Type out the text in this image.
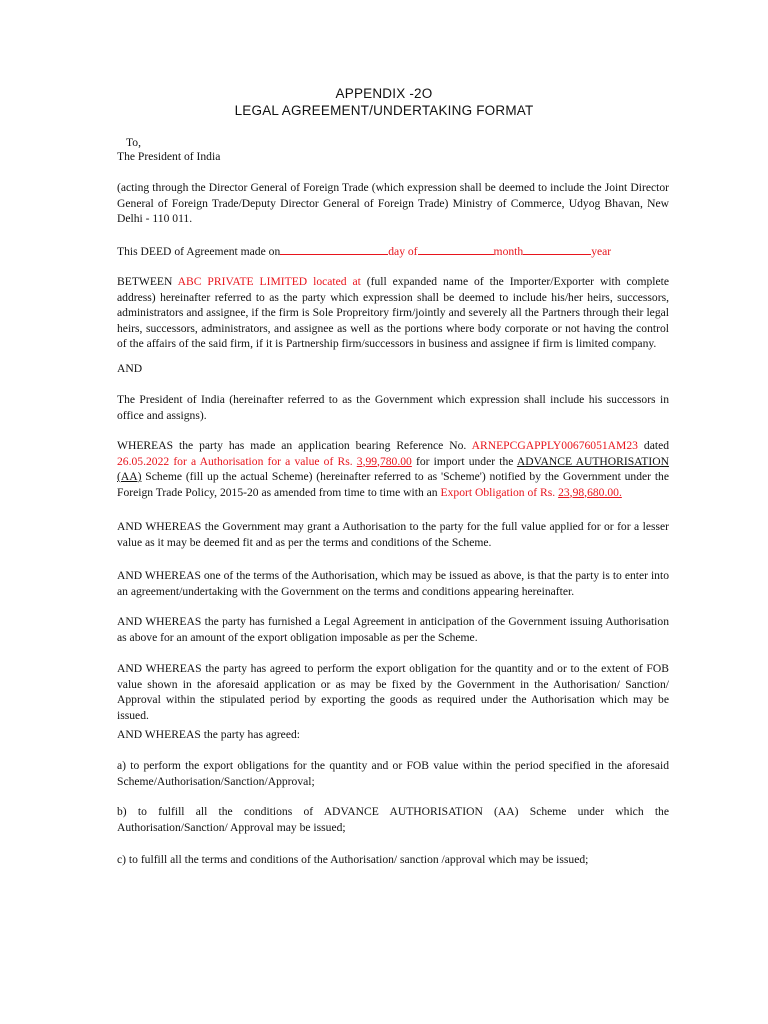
APPENDIX -2O
LEGAL AGREEMENT/UNDERTAKING FORMAT
To,
The President of India
(acting through the Director General of Foreign Trade (which expression shall be deemed to include the Joint Director General of Foreign Trade/Deputy Director General of Foreign Trade) Ministry of Commerce, Udyog Bhavan, New Delhi - 110 011.
This DEED of Agreement made on	day of	month	year
BETWEEN ABC PRIVATE LIMITED located at (full expanded name of the Importer/Exporter with complete address) hereinafter referred to as the party which expression shall be deemed to include his/her heirs, successors, administrators and assignee, if the firm is Sole Propreitory firm/jointly and severely all the Partners through their legal heirs, successors, administrators, and assignee as well as the portions where body corporate or not having the control of the affairs of the said firm, if it is Partnership firm/successors in business and assignee if firm is limited company.
AND
The President of India (hereinafter referred to as the Government which expression shall include his successors in office and assigns).
WHEREAS the party has made an application bearing Reference No. ARNEPCGAPPLY00676051AM23 dated 26.05.2022 for a Authorisation for a value of Rs. 3,99,780.00 for import under the ADVANCE AUTHORISATION (AA) Scheme (fill up the actual Scheme) (hereinafter referred to as 'Scheme') notified by the Government under the Foreign Trade Policy, 2015-20 as amended from time to time with an Export Obligation of Rs. 23,98,680.00.
AND WHEREAS the Government may grant a Authorisation to the party for the full value applied for or for a lesser value as it may be deemed fit and as per the terms and conditions of the Scheme.
AND WHEREAS one of the terms of the Authorisation, which may be issued as above, is that the party is to enter into an agreement/undertaking with the Government on the terms and conditions appearing hereinafter.
AND WHEREAS the party has furnished a Legal Agreement in anticipation of the Government issuing Authorisation as above for an amount of the export obligation imposable as per the Scheme.
AND WHEREAS the party has agreed to perform the export obligation for the quantity and or to the extent of FOB value shown in the aforesaid application or as may be fixed by the Government in the Authorisation/ Sanction/ Approval within the stipulated period by exporting the goods as required under the Authorisation which may be issued.
AND WHEREAS the party has agreed:
a) to perform the export obligations for the quantity and or FOB value within the period specified in the aforesaid Scheme/Authorisation/Sanction/Approval;
b) to fulfill all the conditions of ADVANCE AUTHORISATION (AA) Scheme under which the Authorisation/Sanction/ Approval may be issued;
c) to fulfill all the terms and conditions of the Authorisation/ sanction /approval which may be issued;
